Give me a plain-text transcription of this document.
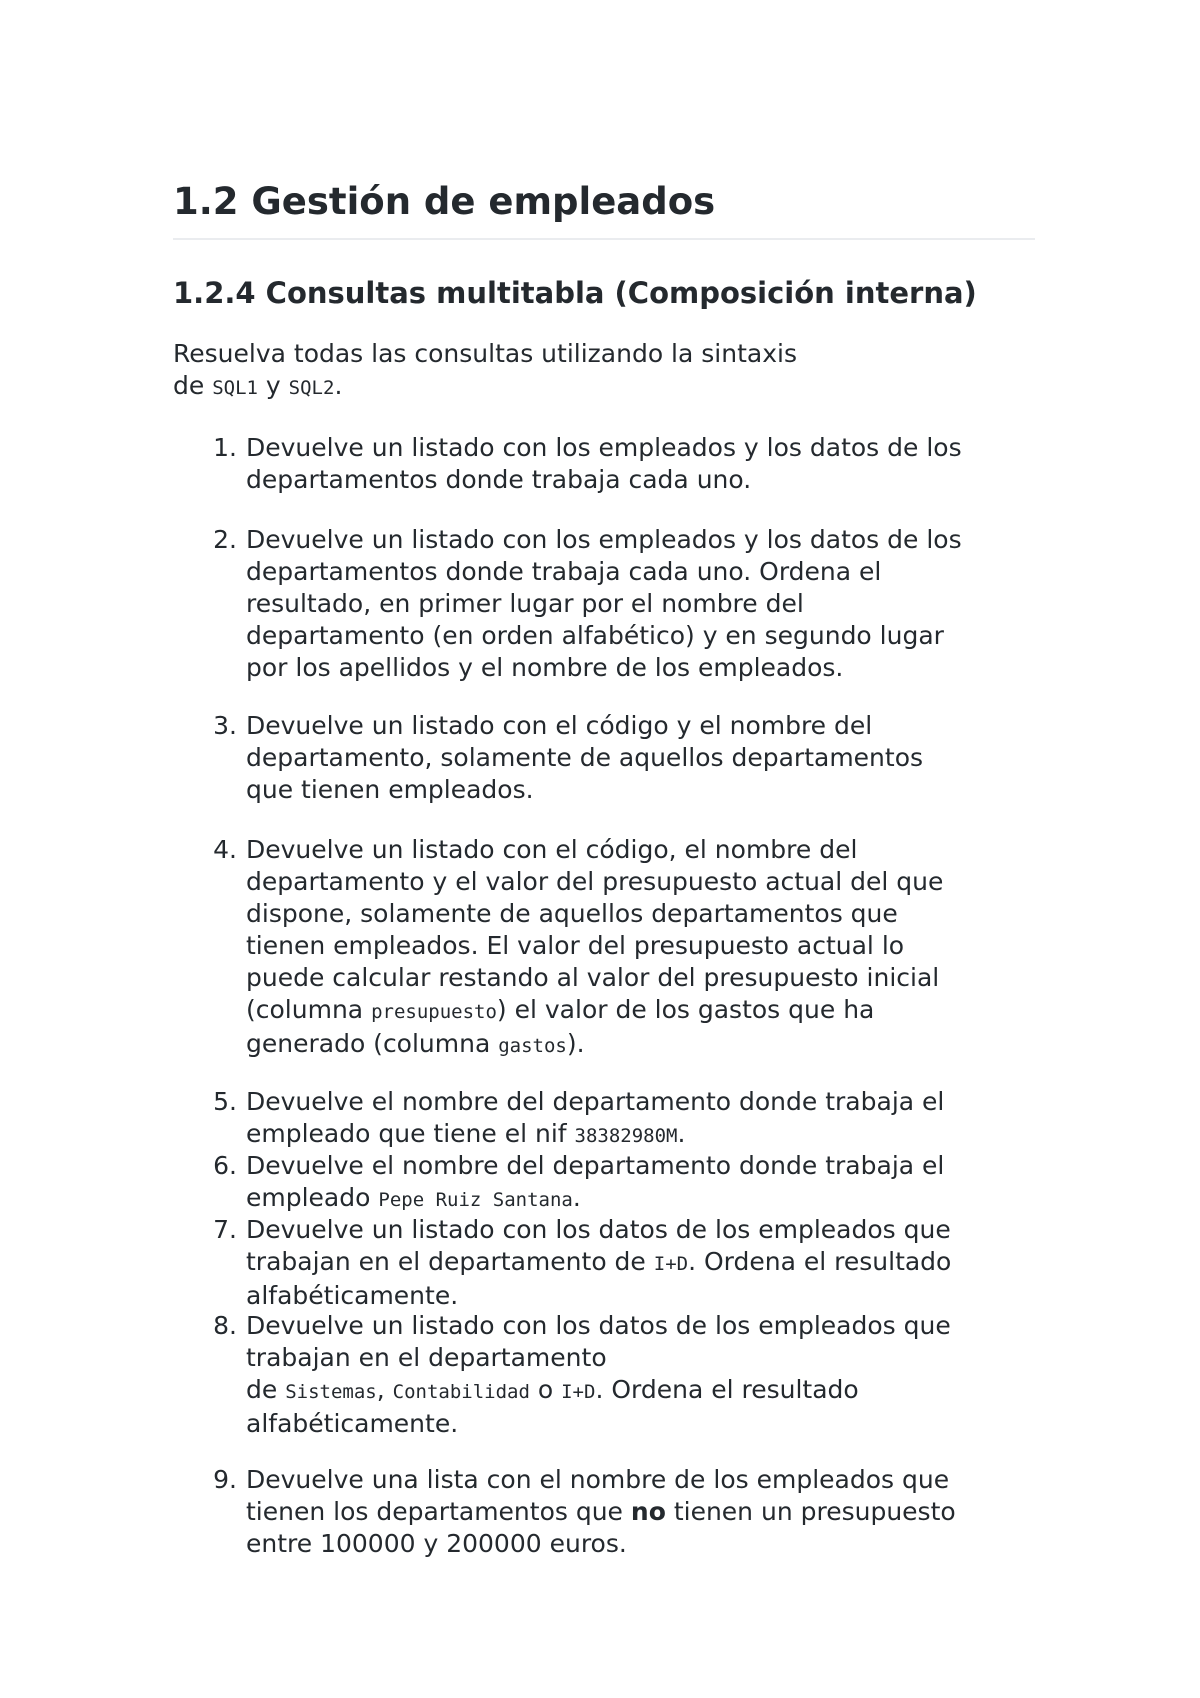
1.2 Gestión de empleados
1.2.4 Consultas multitabla (Composición interna)

Resuelva todas las consultas utilizando la sintaxis
de SQL1 y SQL2.

1. Devuelve un listado con los empleados y los datos de los
departamentos donde trabaja cada uno.
2. Devuelve un listado con los empleados y los datos de los
departamentos donde trabaja cada uno. Ordena el
resultado, en primer lugar por el nombre del
departamento (en orden alfabético) y en segundo lugar
por los apellidos y el nombre de los empleados.
3. Devuelve un listado con el código y el nombre del
departamento, solamente de aquellos departamentos
que tienen empleados.
4. Devuelve un listado con el código, el nombre del
departamento y el valor del presupuesto actual del que
dispone, solamente de aquellos departamentos que
tienen empleados. El valor del presupuesto actual lo
puede calcular restando al valor del presupuesto inicial
(columna presupuesto) el valor de los gastos que ha
generado (columna gastos).
5. Devuelve el nombre del departamento donde trabaja el
empleado que tiene el nif 38382980M.
6. Devuelve el nombre del departamento donde trabaja el
empleado Pepe Ruiz Santana.
7. Devuelve un listado con los datos de los empleados que
trabajan en el departamento de I+D. Ordena el resultado
alfabéticamente.
8. Devuelve un listado con los datos de los empleados que
trabajan en el departamento
de Sistemas, Contabilidad o I+D. Ordena el resultado
alfabéticamente.
9. Devuelve una lista con el nombre de los empleados que
tienen los departamentos que no tienen un presupuesto
entre 100000 y 200000 euros.
